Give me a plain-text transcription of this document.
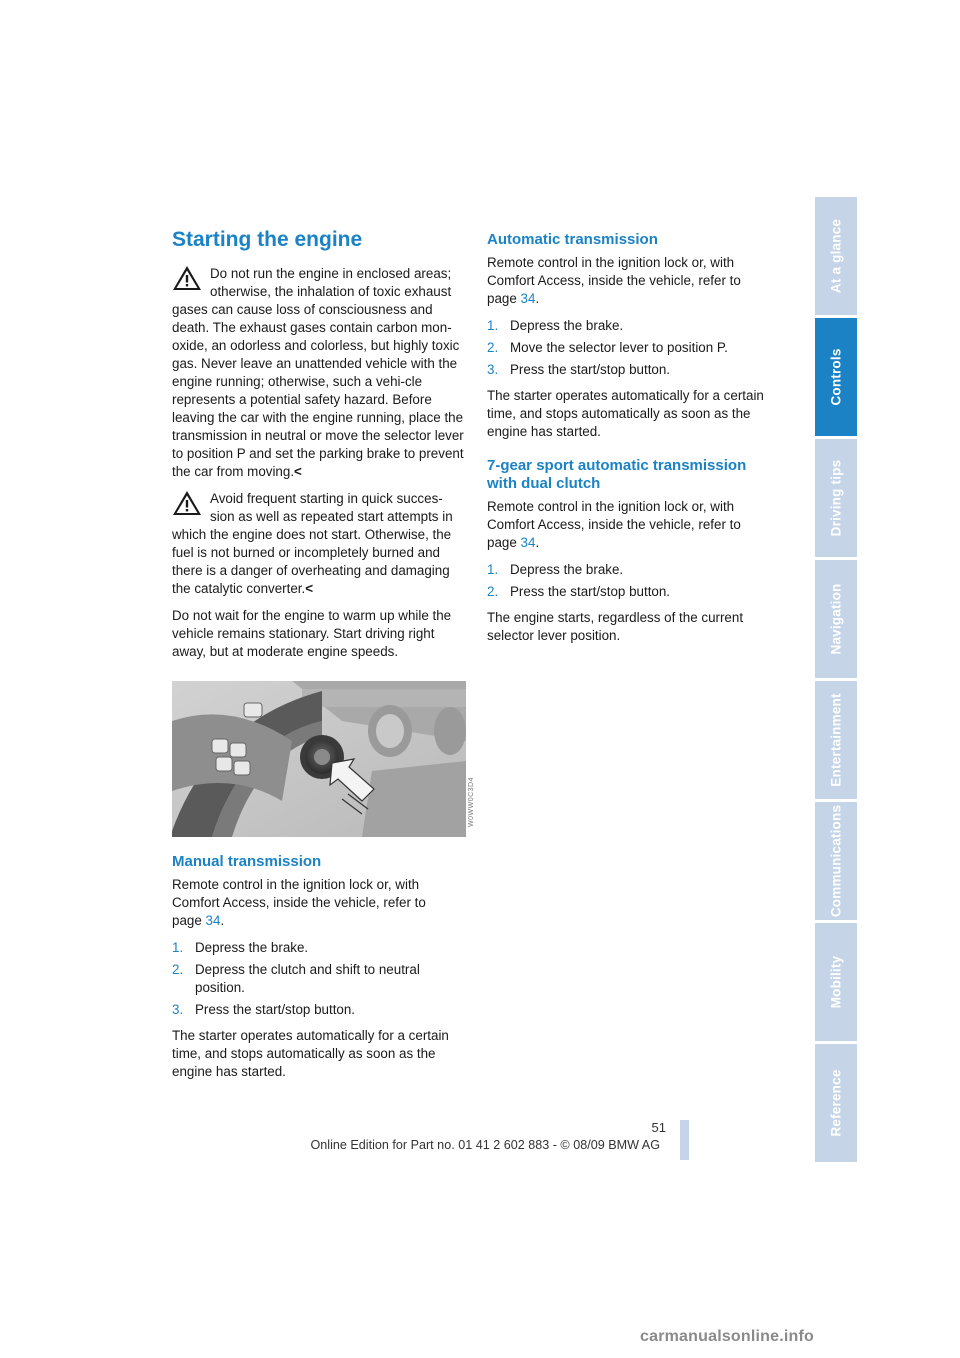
Starting the engine
Do not run the engine in enclosed areas; otherwise, the inhalation of toxic exhaust gases can cause loss of consciousness and death. The exhaust gases contain carbon mon-oxide, an odorless and colorless, but highly toxic gas. Never leave an unattended vehicle with the engine running; otherwise, such a vehi-cle represents a potential safety hazard. Before leaving the car with the engine running, place the transmission in neutral or move the selector lever to position P and set the parking brake to prevent the car from moving.<
Avoid frequent starting in quick succes-sion as well as repeated start attempts in which the engine does not start. Otherwise, the fuel is not burned or incompletely burned and there is a danger of overheating and damaging the catalytic converter.<

Do not wait for the engine to warm up while the vehicle remains stationary. Start driving right away, but at moderate engine speeds.

W0WW0C3D4
Manual transmission

Remote control in the ignition lock or, with Comfort Access, inside the vehicle, refer to page 34.

1. Depress the brake.
2. Depress the clutch and shift to neutral position.
3. Press the start/stop button.

The starter operates automatically for a certain time, and stops automatically as soon as the engine has started.

Automatic transmission

Remote control in the ignition lock or, with Comfort Access, inside the vehicle, refer to page 34.

1. Depress the brake.
2. Move the selector lever to position P.
3. Press the start/stop button.

The starter operates automatically for a certain time, and stops automatically as soon as the engine has started.

7-gear sport automatic transmission with dual clutch

Remote control in the ignition lock or, with Comfort Access, inside the vehicle, refer to page 34.

1. Depress the brake.
2. Press the start/stop button.

The engine starts, regardless of the current selector lever position.

At a glance
Controls
Driving tips
Navigation
Entertainment
Communications
Mobility
Reference
51
Online Edition for Part no. 01 41 2 602 883 - © 08/09 BMW AG
carmanualsonline.info
